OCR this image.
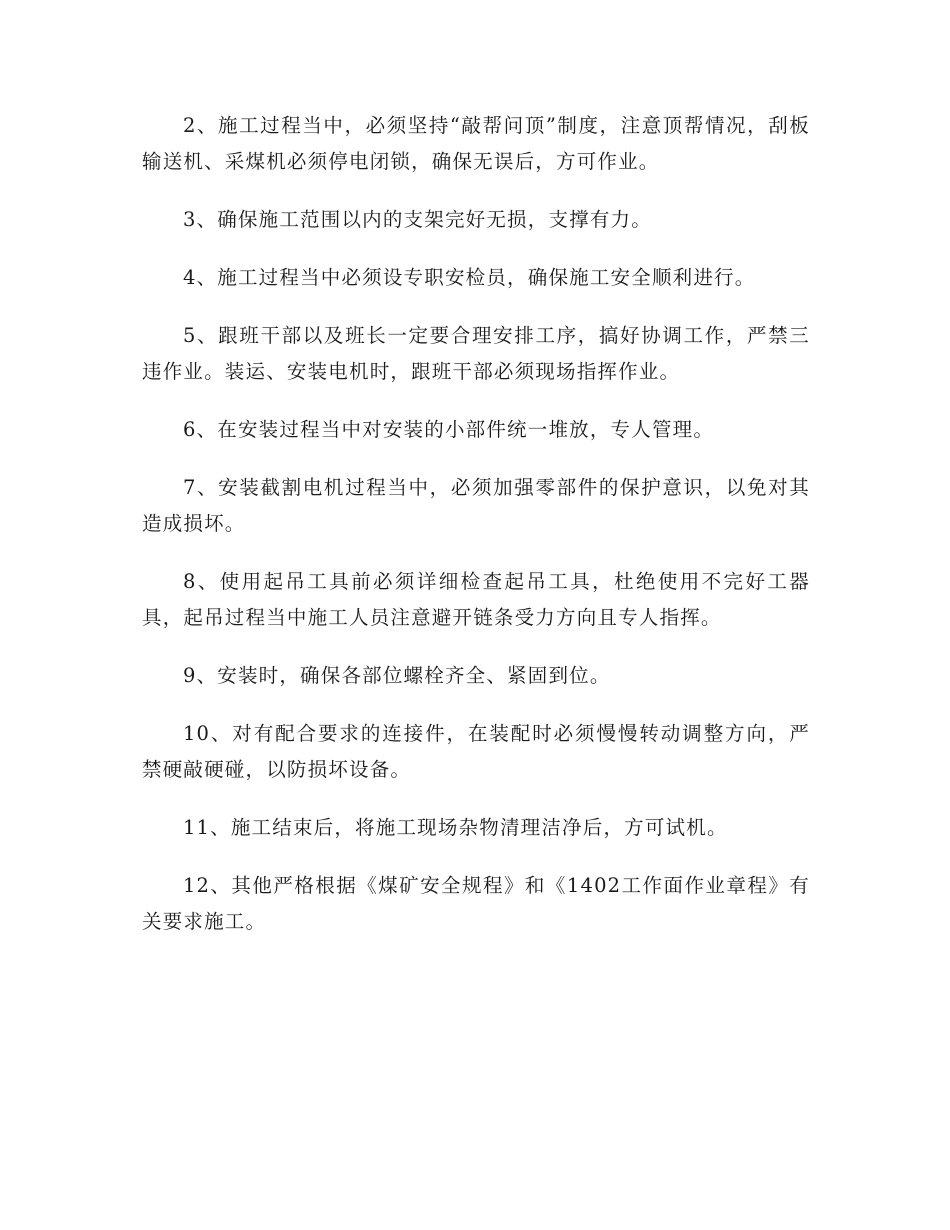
2、施工过程当中，必须坚持“敲帮问顶”制度，注意顶帮情况，刮板输送机、采煤机必须停电闭锁，确保无误后，方可作业。

3、确保施工范围以内的支架完好无损，支撑有力。

4、施工过程当中必须设专职安检员，确保施工安全顺利进行。

5、跟班干部以及班长一定要合理安排工序，搞好协调工作，严禁三违作业。装运、安装电机时，跟班干部必须现场指挥作业。

6、在安装过程当中对安装的小部件统一堆放，专人管理。

7、安装截割电机过程当中，必须加强零部件的保护意识，以免对其造成损坏。

8、使用起吊工具前必须详细检查起吊工具，杜绝使用不完好工器具，起吊过程当中施工人员注意避开链条受力方向且专人指挥。

9、安装时，确保各部位螺栓齐全、紧固到位。

10、对有配合要求的连接件，在装配时必须慢慢转动调整方向，严禁硬敲硬碰，以防损坏设备。

11、施工结束后，将施工现场杂物清理洁净后，方可试机。

12、其他严格根据《煤矿安全规程》和《1402工作面作业章程》有关要求施工。
